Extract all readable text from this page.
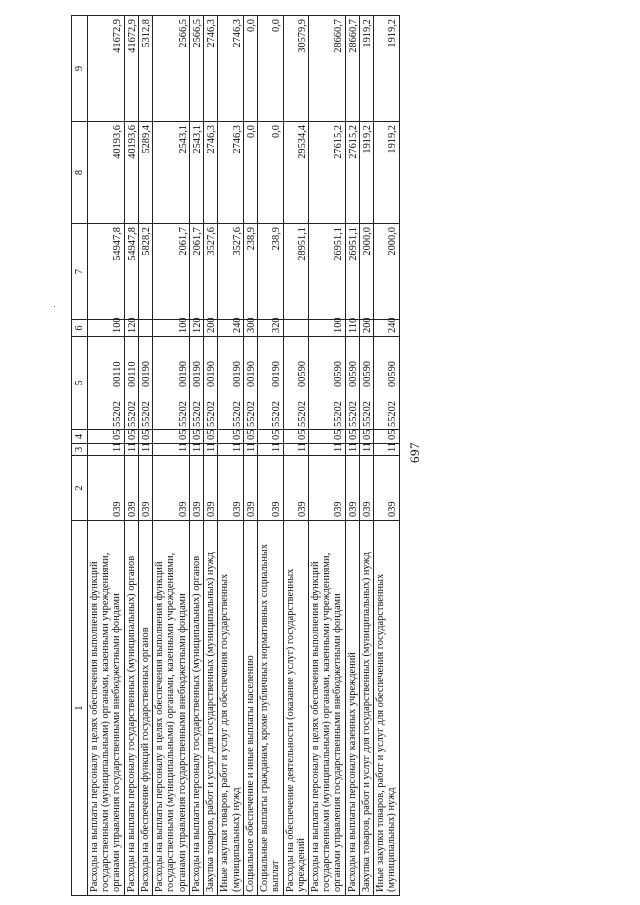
697
1	2	3	4	5	6	7	8	9
Расходы на выплаты персоналу в целях обеспечения выполнения функций государственными (муниципальными) органами, казенными учреждениями, органами управления государственными внебюджетными фондами	039	11	05	5520200110	100	54947,8	40193,6	41672,9
Расходы на выплаты персоналу государственных (муниципальных) органов	039	11	05	5520200110	120	54947,8	40193,6	41672,9
Расходы на обеспечение функций государственных органов	039	11	05	5520200190		5828,2	5289,4	5312,8
Расходы на выплаты персоналу в целях обеспечения выполнения функций государственными (муниципальными) органами, казенными учреждениями, органами управления государственными внебюджетными фондами	039	11	05	5520200190	100	2061,7	2543,1	2566,5
Расходы на выплаты персоналу государственных (муниципальных) органов	039	11	05	5520200190	120	2061,7	2543,1	2566,5
Закупка товаров, работ и услуг для государственных (муниципальных) нужд	039	11	05	5520200190	200	3527,6	2746,3	2746,3
Иные закупки товаров, работ и услуг для обеспечения государственных (муниципальных) нужд	039	11	05	5520200190	240	3527,6	2746,3	2746,3
Социальное обеспечение и иные выплаты населению	039	11	05	5520200190	300	238,9	0,0	0,0
Социальные выплаты гражданам, кроме публичных нормативных социальных выплат	039	11	05	5520200190	320	238,9	0,0	0,0
Расходы на обеспечение деятельности (оказание услуг) государственных учреждений	039	11	05	5520200590		28951,1	29534,4	30579,9
Расходы на выплаты персоналу в целях обеспечения выполнения функций государственными (муниципальными) органами, казенными учреждениями, органами управления государственными внебюджетными фондами	039	11	05	5520200590	100	26951,1	27615,2	28660,7
Расходы на выплаты персоналу казенных учреждений	039	11	05	5520200590	110	26951,1	27615,2	28660,7
Закупка товаров, работ и услуг для государственных (муниципальных) нужд	039	11	05	5520200590	200	2000,0	1919,2	1919,2
Иные закупки товаров, работ и услуг для обеспечения государственных (муниципальных) нужд	039	11	05	5520200590	240	2000,0	1919,2	1919,2
